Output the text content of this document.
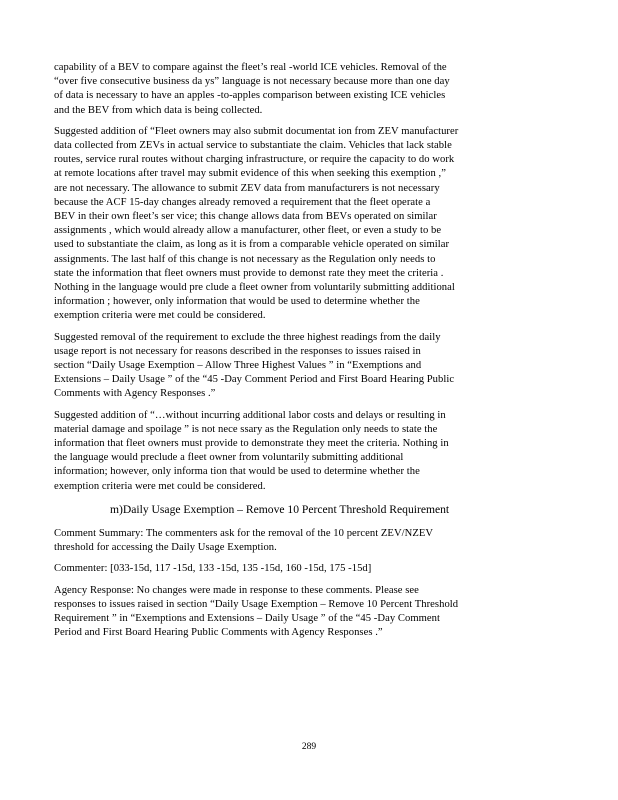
capability of a BEV to compare against the fleet’s real -world ICE vehicles. Removal of the
“over five consecutive business da ys” language is not necessary because more than one day
of data is necessary to have an apples -to-apples comparison between existing ICE vehicles
and the BEV from which data is being collected.
Suggested addition of “Fleet owners may also submit documentat ion from ZEV manufacturer
data collected from ZEVs in actual service to substantiate the claim. Vehicles that lack stable
routes, service rural routes without charging infrastructure, or require the capacity to do work
at remote locations after travel may submit evidence of this when seeking this exemption ,”
are not necessary. The allowance to submit ZEV data from manufacturers is not necessary
because the ACF 15-day changes already removed a requirement that the fleet operate a
BEV in their own fleet’s ser vice; this change allows data from BEVs operated on similar
assignments , which would already allow a manufacturer, other fleet, or even a study to be
used to substantiate the claim, as long as it is from a comparable vehicle operated on similar
assignments. The last half of this change is not necessary as the Regulation only needs to
state the information that fleet owners must provide to demonst rate they meet the criteria .
Nothing in the language would pre clude a fleet owner from voluntarily submitting additional
information ; however, only information that would be used to determine whether the
exemption criteria were met could be considered.
Suggested removal of the requirement to exclude the three highest readings from the daily
usage report is not necessary for reasons described in the responses to issues raised in
section “Daily Usage Exemption – Allow Three Highest Values ” in “Exemptions and
Extensions – Daily Usage ” of the “45 -Day Comment Period and First Board Hearing Public
Comments with Agency Responses .”
Suggested addition of “…without incurring additional labor costs and delays or resulting in
material damage and spoilage ” is not nece ssary as the Regulation only needs to state the
information that fleet owners must provide to demonstrate they meet the criteria. Nothing in
the language would preclude a fleet owner from voluntarily submitting additional
information; however, only informa tion that would be used to determine whether the
exemption criteria were met could be considered.
m)Daily Usage Exemption – Remove 10 Percent Threshold Requirement
Comment Summary: The commenters ask for the removal of the 10 percent ZEV/NZEV
threshold for accessing the Daily Usage Exemption.
Commenter: [033-15d, 117 -15d, 133 -15d, 135 -15d, 160 -15d, 175 -15d]
Agency Response: No changes were made in response to these comments. Please see
responses to issues raised in section “Daily Usage Exemption – Remove 10 Percent Threshold
Requirement ” in “Exemptions and Extensions – Daily Usage ” of the “45 -Day Comment
Period and First Board Hearing Public Comments with Agency Responses .”
289
